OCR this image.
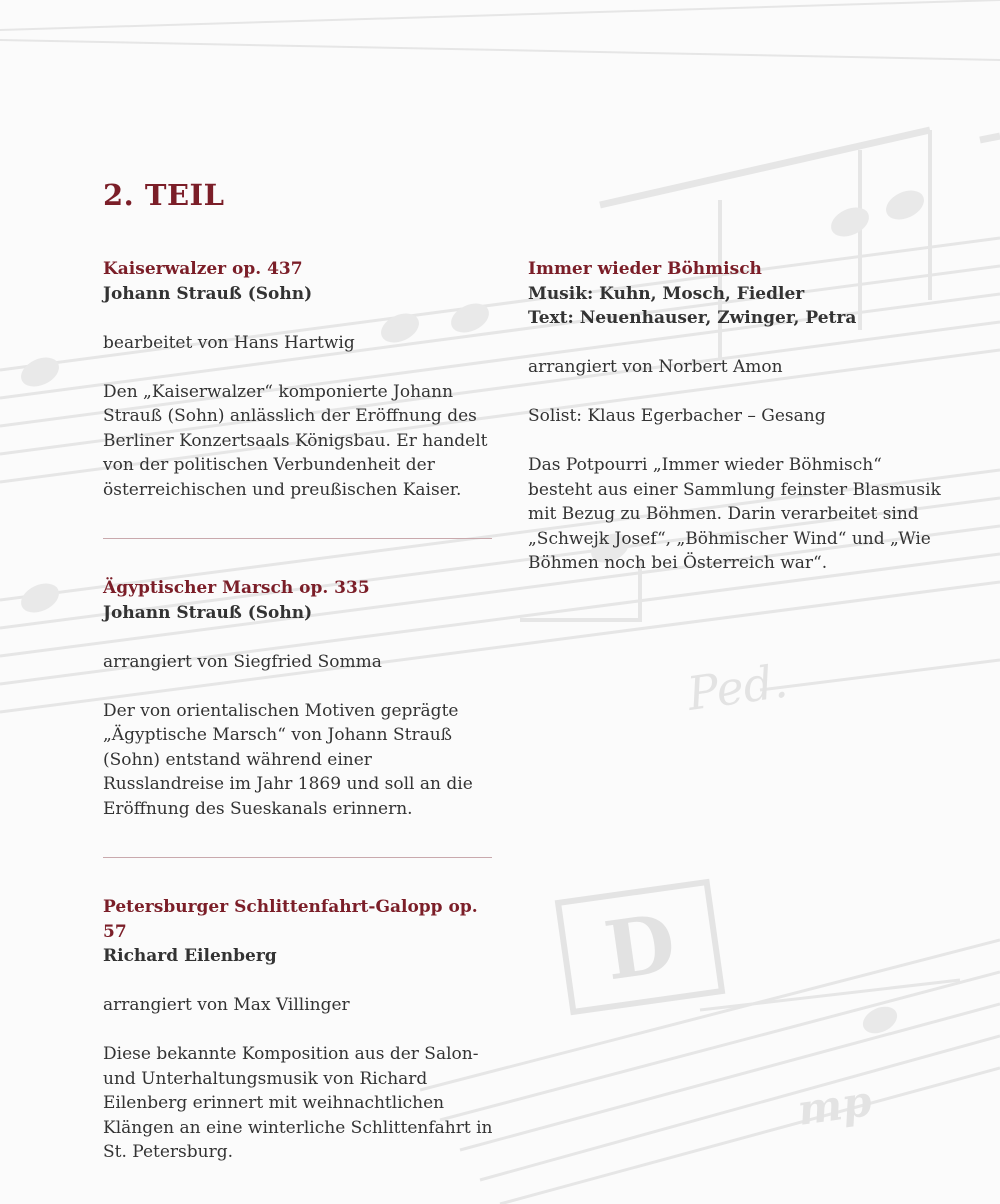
D
Ped.
mp
2. TEIL

Kaiserwalzer op. 437

Johann Strauß (Sohn)

bearbeitet von Hans Hartwig

Den „Kaiserwalzer“ komponierte Johann Strauß (Sohn) anlässlich der Eröffnung des Berliner Konzertsaals Königsbau. Er handelt von der politischen Verbundenheit der österreichischen und preußischen Kaiser.

Ägyptischer Marsch op. 335

Johann Strauß (Sohn)

arrangiert von Siegfried Somma

Der von orientalischen Motiven geprägte „Ägyptische Marsch“ von Johann Strauß (Sohn) entstand während einer Russlandreise im Jahr 1869 und soll an die Eröffnung des Sueskanals erinnern.

Petersburger Schlittenfahrt-Galopp op. 57

Richard Eilenberg

arrangiert von Max Villinger

Diese bekannte Komposition aus der Salon- und Unterhaltungsmusik von Richard Eilenberg erinnert mit weihnachtlichen Klängen an eine winterliche Schlittenfahrt in St. Petersburg.

Immer wieder Böhmisch

Musik: Kuhn, Mosch, Fiedler

Text: Neuenhauser, Zwinger, Petra

arrangiert von Norbert Amon

Solist: Klaus Egerbacher – Gesang

Das Potpourri „Immer wieder Böhmisch“ besteht aus einer Sammlung feinster Blasmusik mit Bezug zu Böhmen. Darin verarbeitet sind „Schwejk Josef“, „Böhmischer Wind“ und „Wie Böhmen noch bei Österreich war“.
